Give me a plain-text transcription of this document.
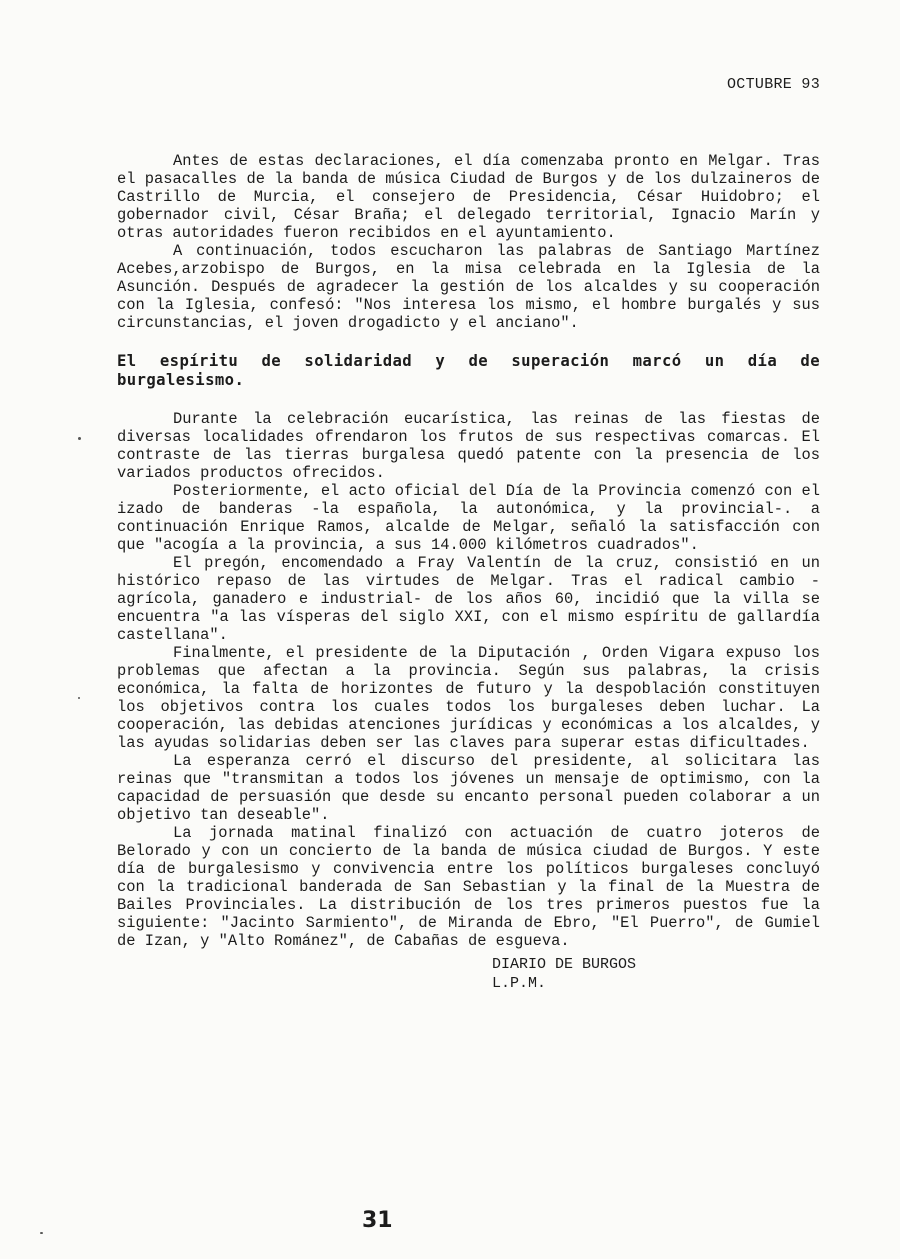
OCTUBRE 93

Antes de estas declaraciones, el día comenzaba pronto en Melgar. Tras el pasacalles de la banda de música Ciudad de Burgos y de los dulzaineros de Castrillo de Murcia, el consejero de Presidencia, César Huidobro; el gobernador civil, César Braña; el delegado territorial, Ignacio Marín y otras autoridades fueron recibidos en el ayuntamiento.

A continuación, todos escucharon las palabras de Santiago Martínez Acebes,arzobispo de Burgos, en la misa celebrada en la Iglesia de la Asunción. Después de agradecer la gestión de los alcaldes y su cooperación con la Iglesia, confesó: "Nos interesa los mismo, el hombre burgalés y sus circunstancias, el joven drogadicto y el anciano".

El espíritu de solidaridad y de superación marcó un día de burgalesismo.

Durante la celebración eucarística, las reinas de las fiestas de diversas localidades ofrendaron los frutos de sus respectivas comarcas. El contraste de las tierras burgalesa quedó patente con la presencia de los variados productos ofrecidos.

Posteriormente, el acto oficial del Día de la Provincia comenzó con el izado de banderas -la española, la autonómica, y la provincial-. a continuación Enrique Ramos, alcalde de Melgar, señaló la satisfacción con que "acogía a la provincia, a sus 14.000 kilómetros cuadrados".

El pregón, encomendado a Fray Valentín de la cruz, consistió en un histórico repaso de las virtudes de Melgar. Tras el radical cambio -agrícola, ganadero e industrial- de los años 60, incidió que la villa se encuentra "a las vísperas del siglo XXI, con el mismo espíritu de gallardía castellana".

Finalmente, el presidente de la Diputación , Orden Vigara expuso los problemas que afectan a la provincia. Según sus palabras, la crisis económica, la falta de horizontes de futuro y la despoblación constituyen los objetivos contra los cuales todos los burgaleses deben luchar. La cooperación, las debidas atenciones jurídicas y económicas a los alcaldes, y las ayudas solidarias deben ser las claves para superar estas dificultades.

La esperanza cerró el discurso del presidente, al solicitara las reinas que "transmitan a todos los jóvenes un mensaje de optimismo, con la capacidad de persuasión que desde su encanto personal pueden colaborar a un objetivo tan deseable".

La jornada matinal finalizó con actuación de cuatro joteros de Belorado y con un concierto de la banda de música ciudad de Burgos. Y este día de burgalesismo y convivencia entre los políticos burgaleses concluyó con la tradicional banderada de San Sebastian y la final de la Muestra de Bailes Provinciales. La distribución de los tres primeros puestos fue la siguiente: "Jacinto Sarmiento", de Miranda de Ebro, "El Puerro", de Gumiel de Izan, y "Alto Románez", de Cabañas de esgueva.

DIARIO DE BURGOS
L.P.M.
31
